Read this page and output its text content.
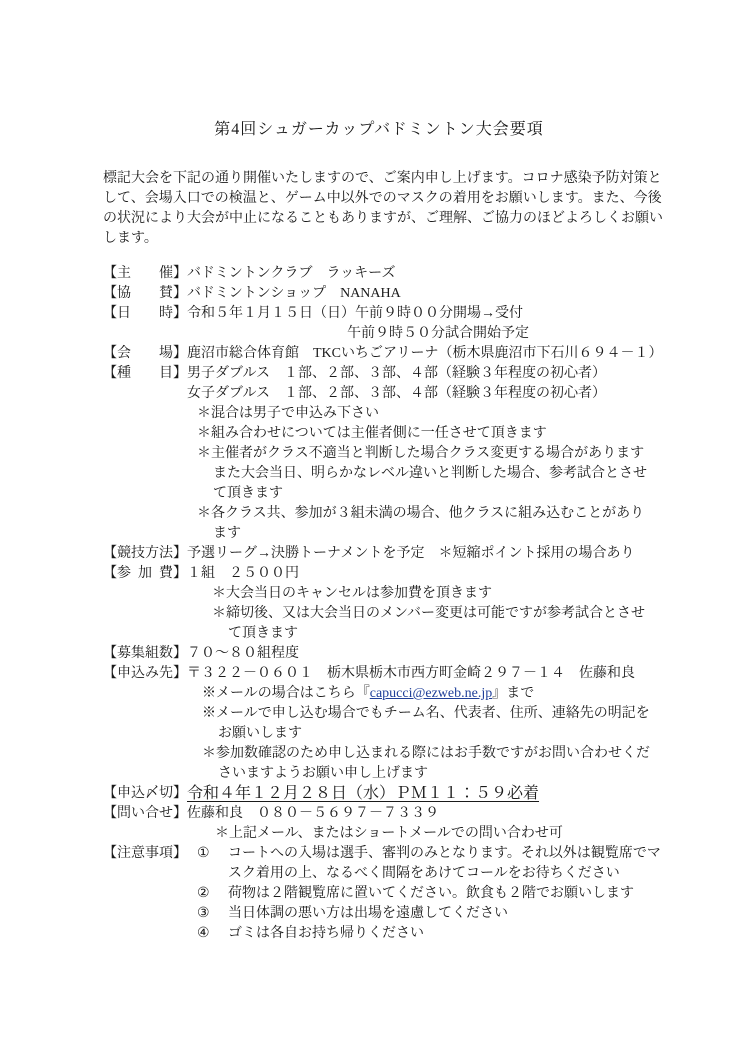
第4回シュガーカップバドミントン大会要項
標記大会を下記の通り開催いたしますので、ご案内申し上げます。コロナ感染予防対策と
して、会場入口での検温と、ゲーム中以外でのマスクの着用をお願いします。また、今後
の状況により大会が中止になることもありますが、ご理解、ご協力のほどよろしくお願い
します。
【主　　催】 バドミントンクラブ　ラッキーズ
【協　　賛】 バドミントンショップ　NANAHA
【日　　時】 令和５年１月１５日（日）午前９時００分開場→受付
午前９時５０分試合開始予定
【会　　場】 鹿沼市総合体育館　TKCいちごアリーナ（栃木県鹿沼市下石川６９４－１）
【種　　目】 男子ダブルス　１部、２部、３部、４部（経験３年程度の初心者）
女子ダブルス　１部、２部、３部、４部（経験３年程度の初心者）
＊混合は男子で申込み下さい
＊組み合わせについては主催者側に一任させて頂きます
＊主催者がクラス不適当と判断した場合クラス変更する場合があります
また大会当日、明らかなレベル違いと判断した場合、参考試合とさせ
て頂きます
＊各クラス共、参加が３組未満の場合、他クラスに組み込むことがあり
ます
【競技方法】 予選リーグ→決勝トーナメントを予定　＊短縮ポイント採用の場合あり
【参 加 費】 １組　２５００円
＊大会当日のキャンセルは参加費を頂きます
＊締切後、又は大会当日のメンバー変更は可能ですが参考試合とさせ
て頂きます
【募集組数】 ７０～８０組程度
【申込み先】 〒３２２－０６０１　栃木県栃木市西方町金崎２９７－１４　佐藤和良
※メールの場合はこちら『capucci@ezweb.ne.jp』まで
※メールで申し込む場合でもチーム名、代表者、住所、連絡先の明記を
お願いします
＊参加数確認のため申し込まれる際にはお手数ですがお問い合わせくだ
さいますようお願い申し上げます
【申込〆切】 令和４年１２月２８日（水）ＰＭ１１：５９必着
【問い合せ】 佐藤和良　０８０－５６９７－７３３９
＊上記メール、またはショートメールでの問い合わせ可
【注意事項】 ①	コートへの入場は選手、審判のみとなります。それ以外は観覧席でマ
スク着用の上、なるべく間隔をあけてコールをお待ちください
②	荷物は２階観覧席に置いてください。飲食も２階でお願いします
③	当日体調の悪い方は出場を遠慮してください
④	ゴミは各自お持ち帰りください
